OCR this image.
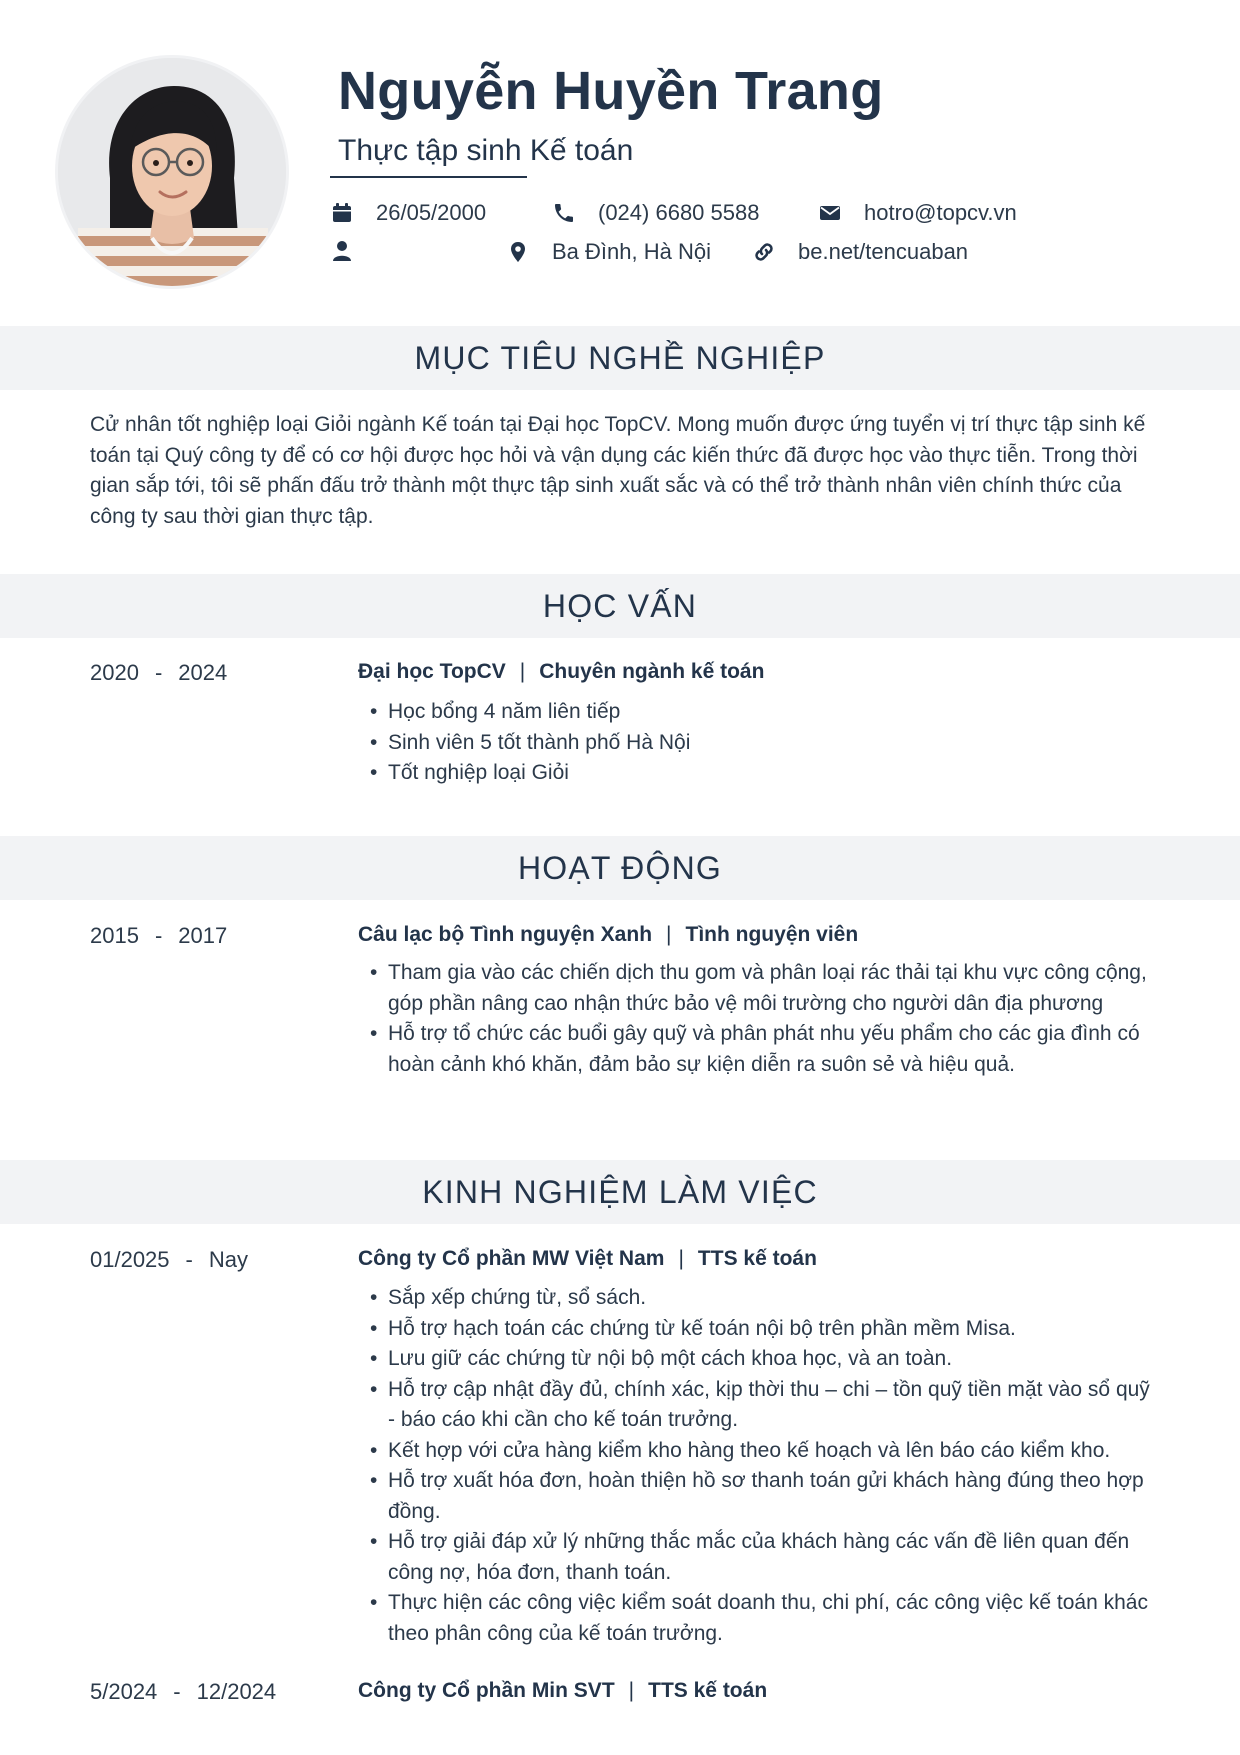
Nguyễn Huyền Trang
Thực tập sinh Kế toán
26/05/2000	(024) 6680 5588	hotro@topcv.vn
Ba Đình, Hà Nội	be.net/tencuaban
MỤC TIÊU NGHỀ NGHIỆP

Cử nhân tốt nghiệp loại Giỏi ngành Kế toán tại Đại học TopCV. Mong muốn được ứng tuyển vị trí thực tập sinh kế toán tại Quý công ty để có cơ hội được học hỏi và vận dụng các kiến thức đã được học vào thực tiễn. Trong thời gian sắp tới, tôi sẽ phấn đấu trở thành một thực tập sinh xuất sắc và có thể trở thành nhân viên chính thức của công ty sau thời gian thực tập.

HỌC VẤN
2020 - 2024	Đại học TopCV | Chuyên ngành kế toán
• Học bổng 4 năm liên tiếp
• Sinh viên 5 tốt thành phố Hà Nội
• Tốt nghiệp loại Giỏi
HOẠT ĐỘNG
2015 - 2017	Câu lạc bộ Tình nguyện Xanh | Tình nguyện viên
• Tham gia vào các chiến dịch thu gom và phân loại rác thải tại khu vực công cộng, góp phần nâng cao nhận thức bảo vệ môi trường cho người dân địa phương
• Hỗ trợ tổ chức các buổi gây quỹ và phân phát nhu yếu phẩm cho các gia đình có hoàn cảnh khó khăn, đảm bảo sự kiện diễn ra suôn sẻ và hiệu quả.
KINH NGHIỆM LÀM VIỆC
01/2025 - Nay	Công ty Cổ phần MW Việt Nam | TTS kế toán
• Sắp xếp chứng từ, sổ sách.
• Hỗ trợ hạch toán các chứng từ kế toán nội bộ trên phần mềm Misa.
• Lưu giữ các chứng từ nội bộ một cách khoa học, và an toàn.
• Hỗ trợ cập nhật đầy đủ, chính xác, kịp thời thu – chi – tồn quỹ tiền mặt vào sổ quỹ - báo cáo khi cần cho kế toán trưởng.
• Kết hợp với cửa hàng kiểm kho hàng theo kế hoạch và lên báo cáo kiểm kho.
• Hỗ trợ xuất hóa đơn, hoàn thiện hồ sơ thanh toán gửi khách hàng đúng theo hợp đồng.
• Hỗ trợ giải đáp xử lý những thắc mắc của khách hàng các vấn đề liên quan đến công nợ, hóa đơn, thanh toán.
• Thực hiện các công việc kiểm soát doanh thu, chi phí, các công việc kế toán khác theo phân công của kế toán trưởng.
5/2024 - 12/2024	Công ty Cổ phần Min SVT | TTS kế toán
